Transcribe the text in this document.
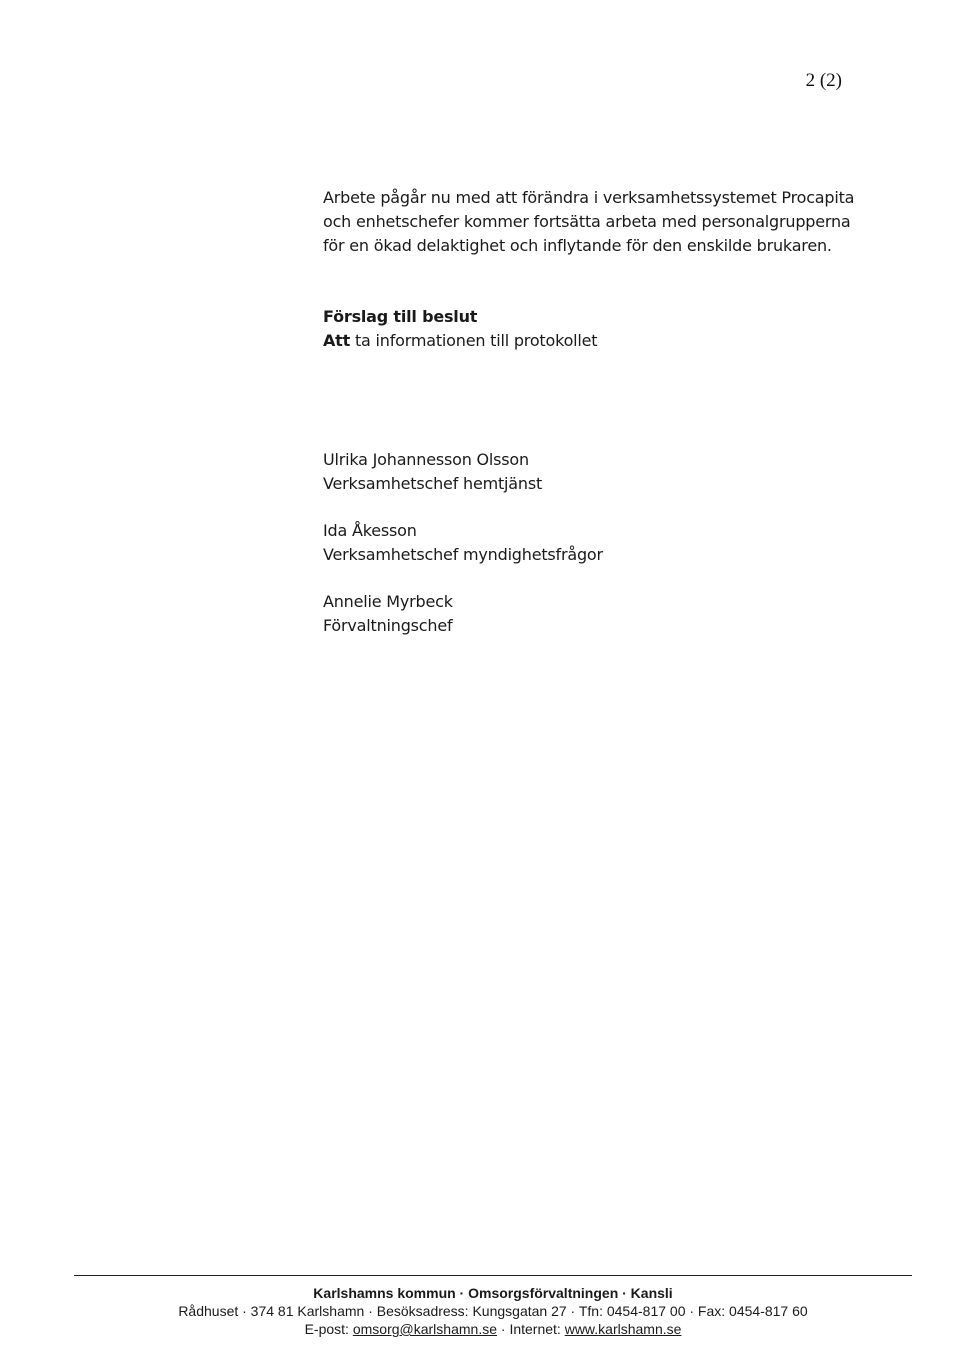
2 (2)

Arbete pågår nu med att förändra i verksamhetssystemet Procapita

och enhetschefer kommer fortsätta arbeta med personalgrupperna

för en ökad delaktighet och inflytande för den enskilde brukaren.

Förslag till beslut
Att ta informationen till protokollet
Ulrika Johannesson Olsson
Verksamhetschef hemtjänst
Ida Åkesson
Verksamhetschef myndighetsfrågor
Annelie Myrbeck
Förvaltningschef
Karlshamns kommun · Omsorgsförvaltningen · Kansli
Rådhuset · 374 81 Karlshamn · Besöksadress: Kungsgatan 27 · Tfn: 0454-817 00 · Fax: 0454-817 60
E-post: omsorg@karlshamn.se · Internet: www.karlshamn.se
